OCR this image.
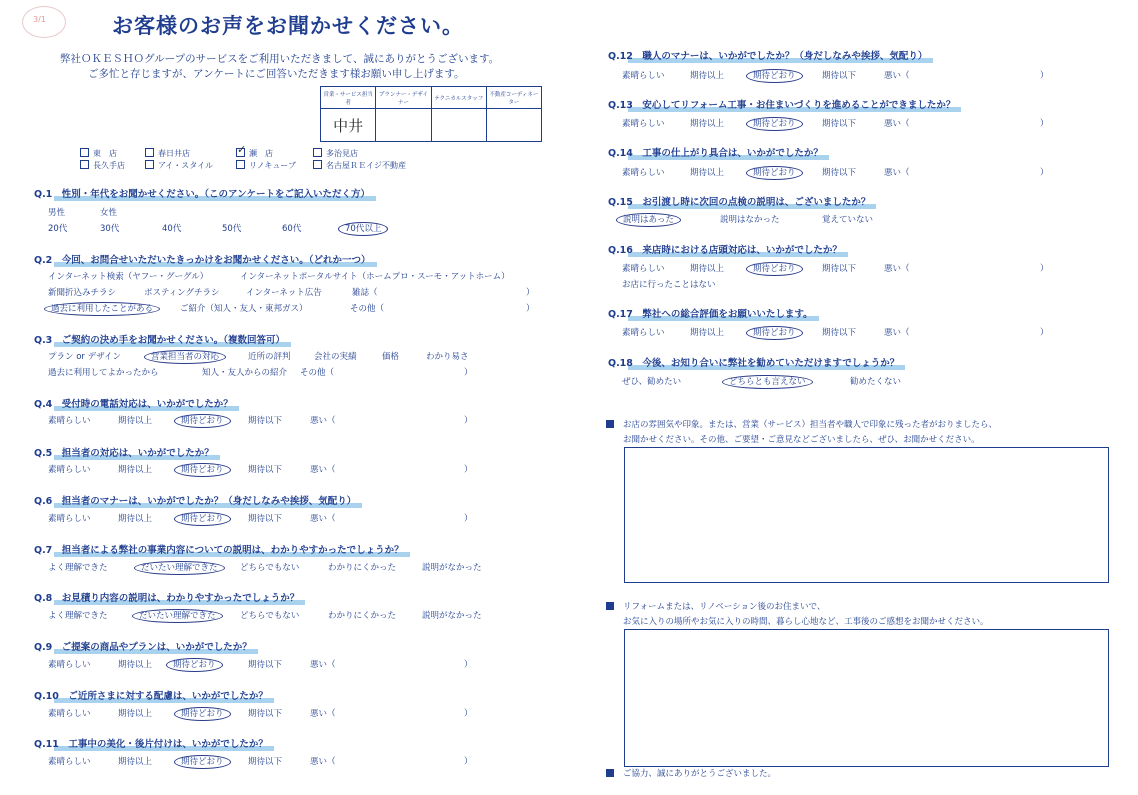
3/1	お客様のお声をお聞かせください。
弊社ＯＫＥＳＨＯグループのサービスをご利用いただきまして、誠にありがとうございます。
ご多忙と存じますが、アンケートにご回答いただきます様お願い申し上げます。
営業・サービス担当者	プランナー・デザイナー	テクニカルスタッフ	不動産コーディネーター
中井			
東　店	春日井店	✓ 瀬　店	多治見店
長久手店	アイ・スタイル	リノキューブ	名古屋ＲＥイジ不動産
Q.1　性別・年代をお聞かせください。（このアンケートをご記入いただく方）
男性	女性
20代	30代	40代	50代	60代	70代以上
Q.2　今回、お問合せいただいたきっかけをお聞かせください。（どれか一つ）
インターネット検索（ヤフー・グーグル）	インターネットポータルサイト（ホームプロ・スーモ・アットホーム）
新聞折込みチラシ	ポスティングチラシ	インターネット広告	雑誌（	）
過去に利用したことがある	ご紹介（知人・友人・東邦ガス）	その他（	）
Q.3　ご契約の決め手をお聞かせください。（複数回答可）
プラン or デザイン	営業担当者の対応	近所の評判	会社の実績	価格	わかり易さ
過去に利用してよかったから	知人・友人からの紹介 その他（	）
Q.4　受付時の電話対応は、いかがでしたか？
素晴らしい	期待以上	期待どおり	期待以下	悪い（	）
Q.5　担当者の対応は、いかがでしたか？
素晴らしい	期待以上	期待どおり	期待以下	悪い（	）
Q.6　担当者のマナーは、いかがでしたか？（身だしなみや挨拶、気配り）
素晴らしい	期待以上	期待どおり	期待以下	悪い（	）
Q.7　担当者による弊社の事業内容についての説明は、わかりやすかったでしょうか？
よく理解できた	だいたい理解できた	どちらでもない	わかりにくかった	説明がなかった
Q.8　お見積り内容の説明は、わかりやすかったでしょうか？
よく理解できた	だいたい理解できた	どちらでもない	わかりにくかった	説明がなかった
Q.9　ご提案の商品やプランは、いかがでしたか？
素晴らしい	期待以上 期待どおり	期待以下	悪い（	）
Q.10　ご近所さまに対する配慮は、いかがでしたか？
素晴らしい	期待以上	期待どおり	期待以下	悪い（	）
Q.11　工事中の美化・後片付けは、いかがでしたか？
素晴らしい	期待以上	期待どおり	期待以下	悪い（	）
Q.12　職人のマナーは、いかがでしたか？（身だしなみや挨拶、気配り）
素晴らしい	期待以上	期待どおり	期待以下	悪い（	）
Q.13　安心してリフォーム工事・お住まいづくりを進めることができましたか？
素晴らしい	期待以上	期待どおり	期待以下	悪い（	）
Q.14　工事の仕上がり具合は、いかがでしたか？
素晴らしい	期待以上	期待どおり	期待以下	悪い（	）
Q.15　お引渡し時に次回の点検の説明は、ございましたか？
説明はあった	説明はなかった	覚えていない
Q.16　来店時における店頭対応は、いかがでしたか？
素晴らしい	期待以上	期待どおり	期待以下	悪い（	）
お店に行ったことはない
Q.17　弊社への総合評価をお願いいたします。
素晴らしい	期待以上	期待どおり	期待以下	悪い（	）
Q.18　今後、お知り合いに弊社を勧めていただけますでしょうか？
ぜひ、勧めたい	どちらとも言えない	勧めたくない
お店の雰囲気や印象。または、営業（サービス）担当者や職人で印象に残った者がおりましたら、
お聞かせください。その他、ご要望・ご意見などございましたら、ぜひ、お聞かせください。
リフォームまたは、リノベーション後のお住まいで、
お気に入りの場所やお気に入りの時間、暮らし心地など、工事後のご感想をお聞かせください。
ご協力、誠にありがとうございました。
